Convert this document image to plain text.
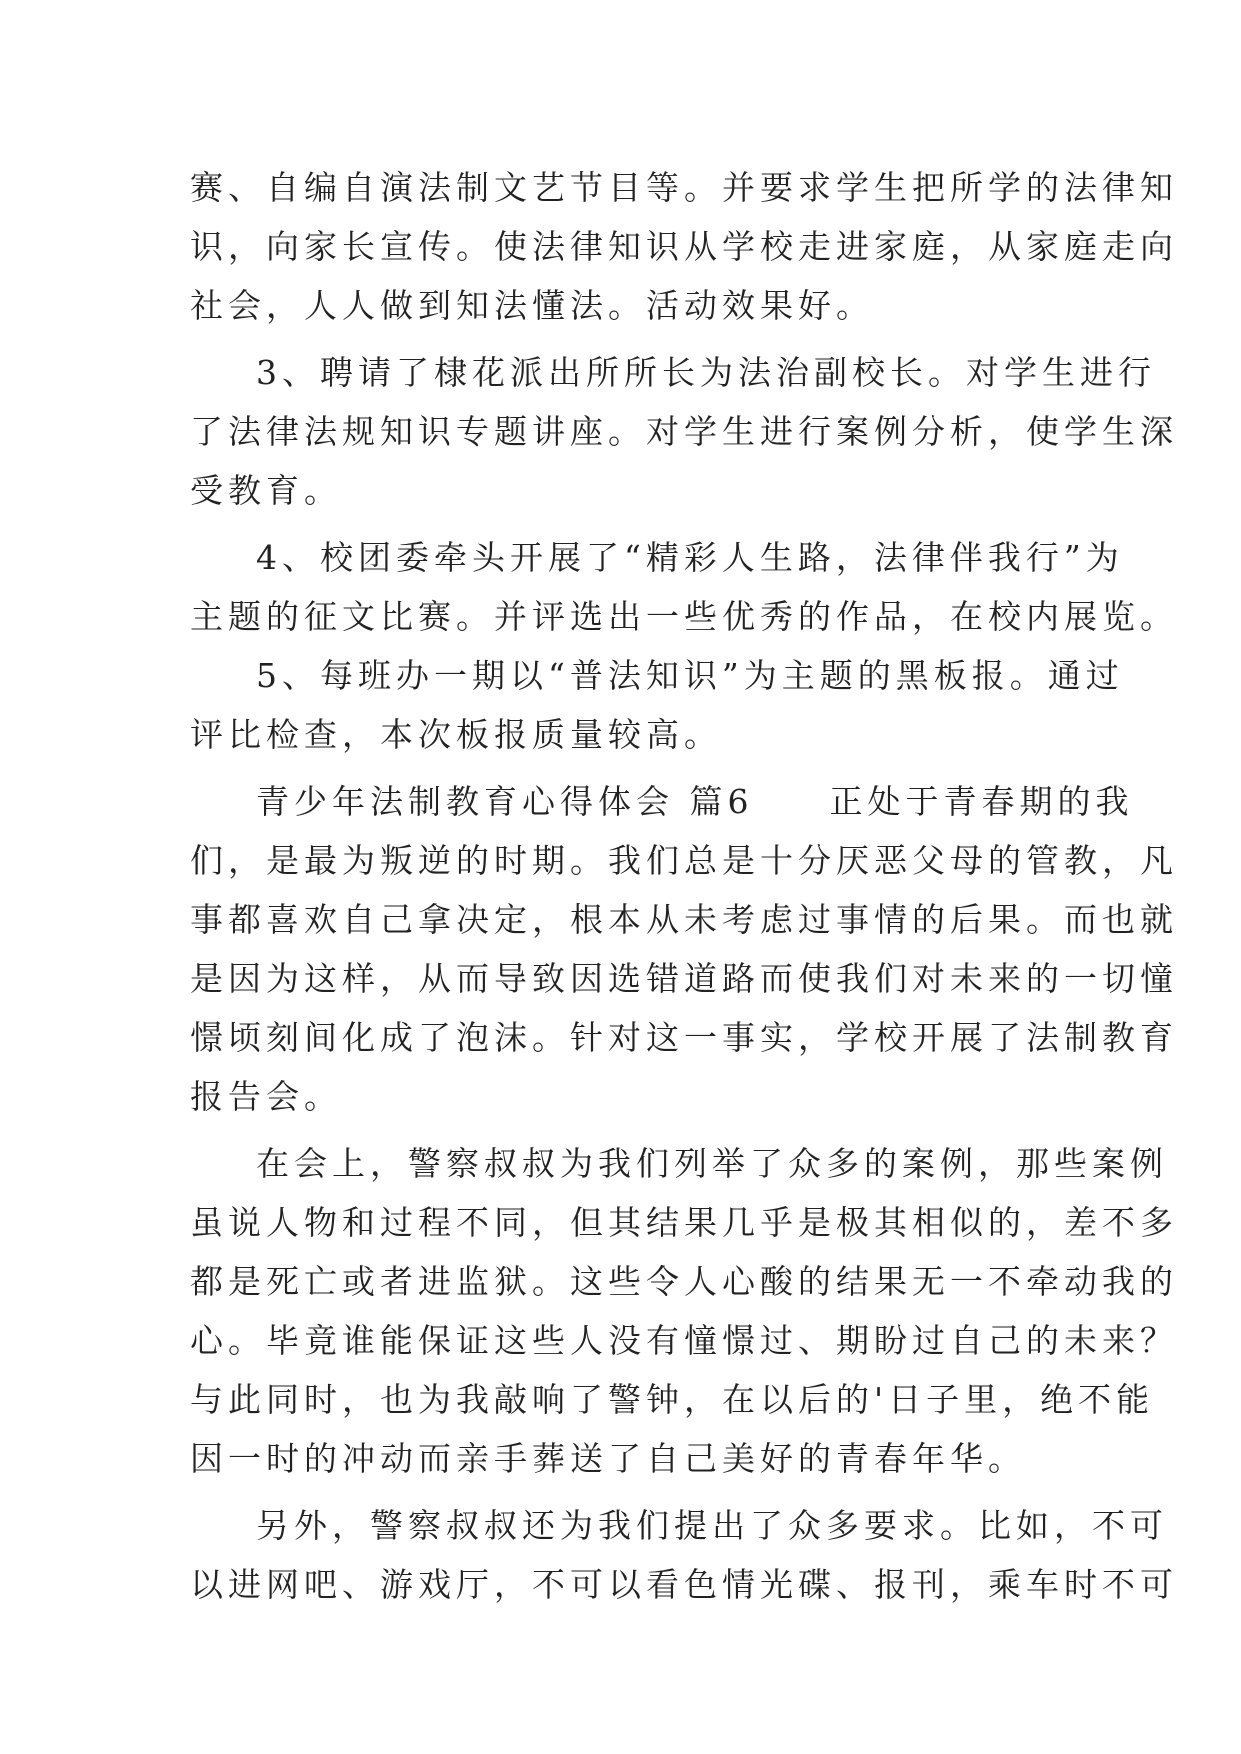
赛、自编自演法制文艺节目等。并要求学生把所学的法律知
识，向家长宣传。使法律知识从学校走进家庭，从家庭走向
社会，人人做到知法懂法。活动效果好。
3、聘请了棣花派出所所长为法治副校长。对学生进行
了法律法规知识专题讲座。对学生进行案例分析，使学生深
受教育。
4、校团委牵头开展了“精彩人生路，法律伴我行”为
主题的征文比赛。并评选出一些优秀的作品，在校内展览。
5、每班办一期以“普法知识”为主题的黑板报。通过
评比检查，本次板报质量较高。
青少年法制教育心得体会 篇6　　正处于青春期的我
们，是最为叛逆的时期。我们总是十分厌恶父母的管教，凡
事都喜欢自己拿决定，根本从未考虑过事情的后果。而也就
是因为这样，从而导致因选错道路而使我们对未来的一切憧
憬顷刻间化成了泡沫。针对这一事实，学校开展了法制教育
报告会。
在会上，警察叔叔为我们列举了众多的案例，那些案例
虽说人物和过程不同，但其结果几乎是极其相似的，差不多
都是死亡或者进监狱。这些令人心酸的结果无一不牵动我的
心。毕竟谁能保证这些人没有憧憬过、期盼过自己的未来？
与此同时，也为我敲响了警钟，在以后的'日子里，绝不能
因一时的冲动而亲手葬送了自己美好的青春年华。
另外，警察叔叔还为我们提出了众多要求。比如，不可
以进网吧、游戏厅，不可以看色情光碟、报刊，乘车时不可
